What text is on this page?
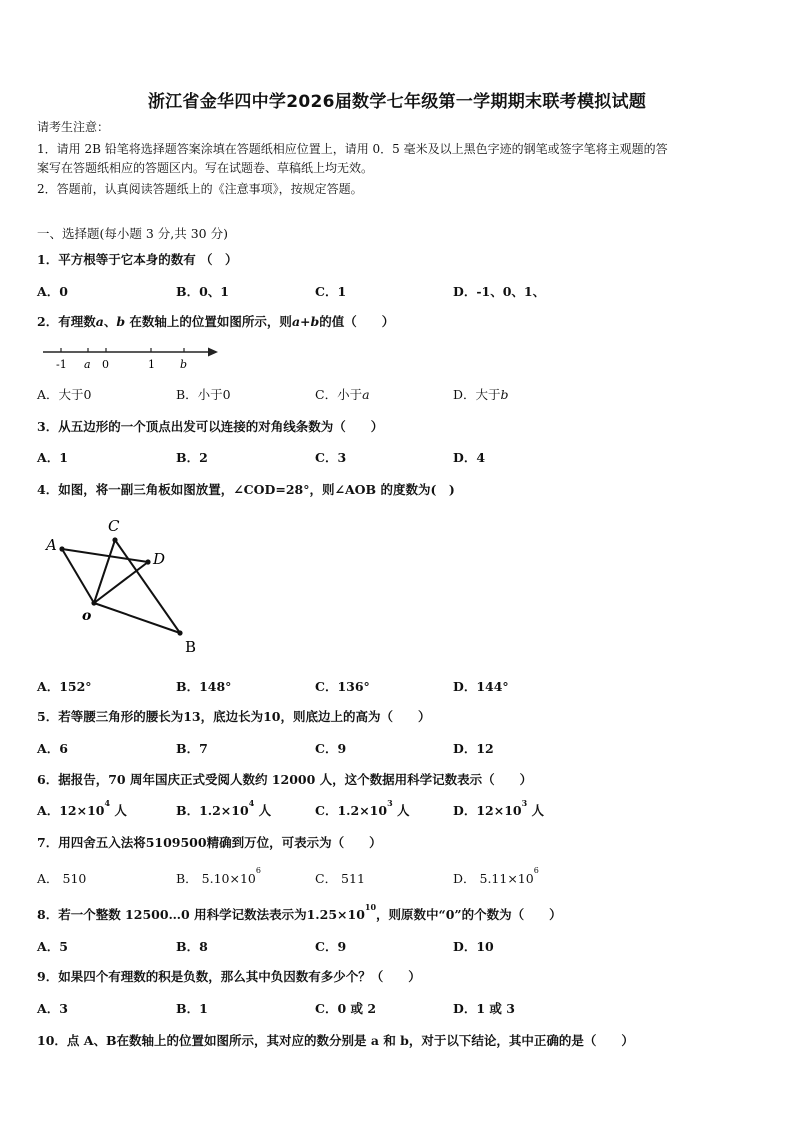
浙江省金华四中学2026届数学七年级第一学期期末联考模拟试题
请考生注意：
1．请用 2B 铅笔将选择题答案涂填在答题纸相应位置上，请用 0．5 毫米及以上黑色字迹的钢笔或签字笔将主观题的答
案写在答题纸相应的答题区内。写在试题卷、草稿纸上均无效。
2．答题前，认真阅读答题纸上的《注意事项》，按规定答题。
一、选择题(每小题 3 分,共 30 分)
1．平方根等于它本身的数有 （　）
A．0	B．0、1	C．1	D．-1、0、1、
2．有理数a、b 在数轴上的位置如图所示，则a+b的值（　　）
-1 a 0	1 b
A．大于0	B．小于0	C．小于a	D．大于b
3．从五边形的一个顶点出发可以连接的对角线条数为（　　）
A．1	B．2	C．3	D．4
4．如图，将一副三角板如图放置，∠COD=28°，则∠AOB 的度数为(　)
A
C
D
o
B
A．152°	B．148°	C．136°	D．144°
5．若等腰三角形的腰长为13，底边长为10，则底边上的高为（　　）
A．6	B．7	C．9	D．12
6．据报告，70 周年国庆正式受阅人数约 12000 人，这个数据用科学记数表示（　　）
A．$12\times 10^4$ 人	B．$1.2\times 10^4$ 人	C．$1.2\times 10^3$ 人	D．$12\times 10^3$ 人
7．用四舍五入法将5109500精确到万位，可表示为（　　）
A． 510	B． $5.10\times 10^6$
C． 511	D． $5.11\times 10^6$
8．若一个整数 12500…0 用科学记数法表示为$1.25\times 10^{10}$，则原数中“0”的个数为（　　）
A．5	B．8	C．9	D．10
9．如果四个有理数的积是负数，那么其中负因数有多少个？（　　）
A．3	B．1	C．0 或 2	D．1 或 3
10．点 A、B在数轴上的位置如图所示，其对应的数分别是 a 和 b，对于以下结论，其中正确的是（　　）
